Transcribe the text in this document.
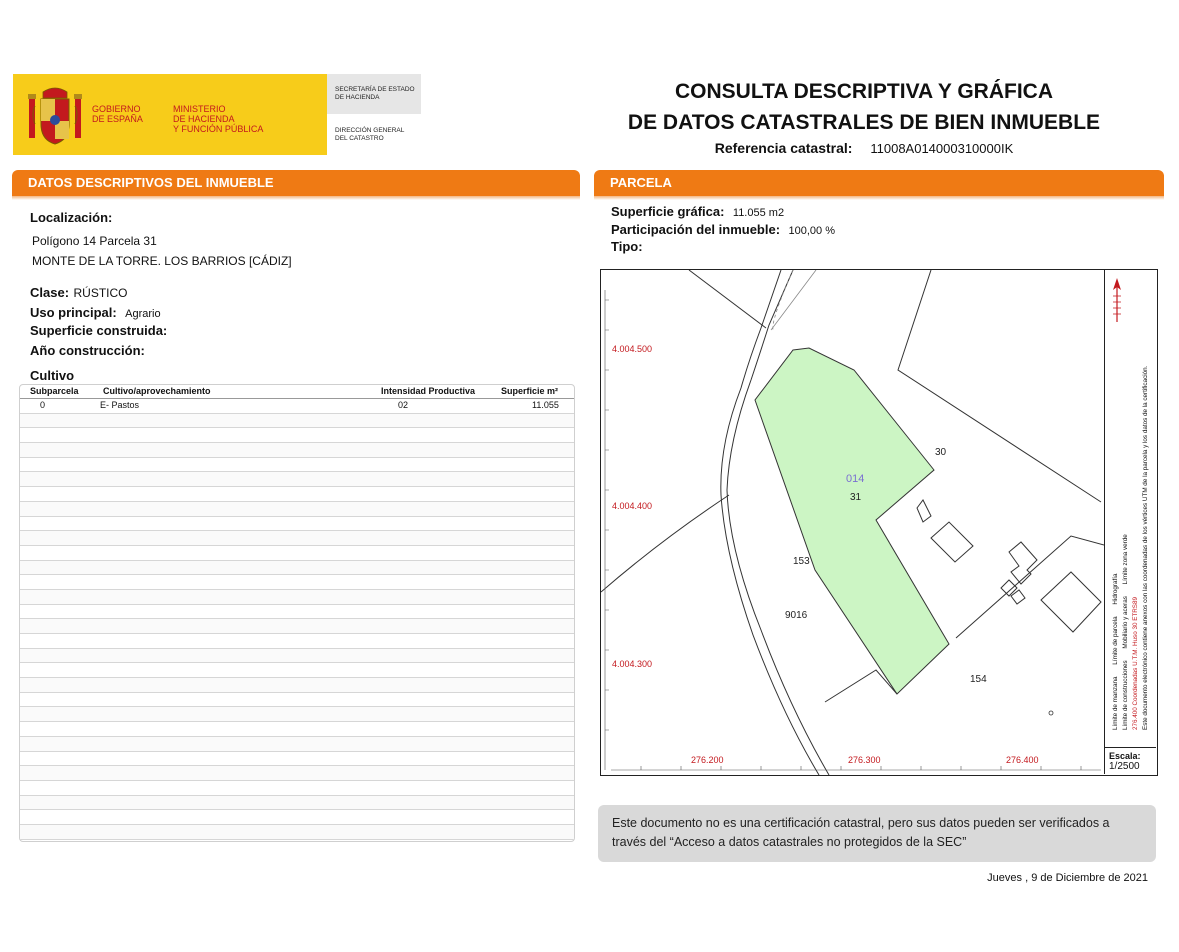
GOBIERNO
DE ESPAÑA
MINISTERIO
DE HACIENDA
Y FUNCIÓN PÚBLICA
SECRETARÍA DE ESTADO
DE HACIENDA
DIRECCIÓN GENERAL
DEL CATASTRO
CONSULTA DESCRIPTIVA Y GRÁFICA
DE DATOS CATASTRALES DE BIEN INMUEBLE
Referencia catastral: 11008A014000310000IK
DATOS DESCRIPTIVOS DEL INMUEBLE
Localización:
Polígono 14 Parcela 31
MONTE DE LA TORRE. LOS BARRIOS [CÁDIZ]
Clase: RÚSTICO
Uso principal: Agrario
Superficie construida:
Año construcción:
Cultivo
Subparcela	Cultivo/aprovechamiento	Intensidad Productiva	Superficie m²
0	E- Pastos	02	11.055
PARCELA
Superficie gráfica: 11.055 m2
Participación del inmueble: 100,00 %
Tipo:
4.004.500
4.004.400
4.004.300
276.200	276.300	276.400
014
31
30
153
9016
154	Límite de manzana Límite de parcela Hidrografía
Límite de construcciones Mobiliario y aceras Límite zona verde
276.400 Coordenadas U.T.M. Huso 30 ETRS89 Este documento electrónico contiene anexos con las coordenadas de los vértices UTM de la parcela y los datos de la certificación.
Escala:
1/2500
Este documento no es una certificación catastral, pero sus datos pueden ser verificados a
través del “Acceso a datos catastrales no protegidos de la SEC”
Jueves , 9 de Diciembre de 2021
